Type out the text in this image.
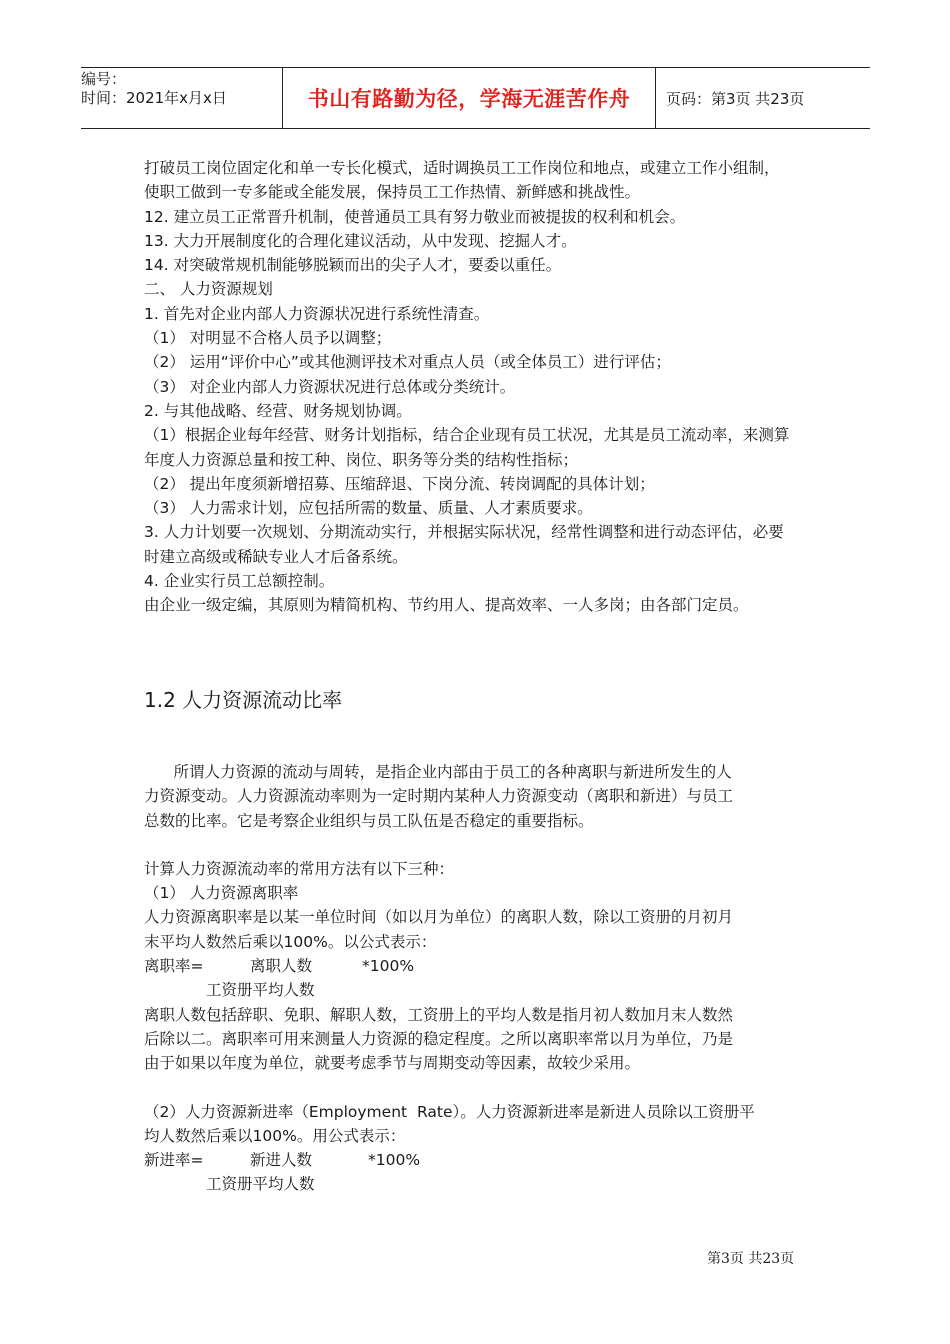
编号：
时间：2021年x月x日	书山有路勤为径，学海无涯苦作舟 页码：第3页 共23页

打破员工岗位固定化和单一专长化模式，适时调换员工工作岗位和地点，或建立工作小组制，

使职工做到一专多能或全能发展，保持员工工作热情、新鲜感和挑战性。

12. 建立员工正常晋升机制，使普通员工具有努力敬业而被提拔的权利和机会。

13. 大力开展制度化的合理化建议活动，从中发现、挖掘人才。

14. 对突破常规机制能够脱颖而出的尖子人才，要委以重任。

二、 人力资源规划

1. 首先对企业内部人力资源状况进行系统性清查。

（1） 对明显不合格人员予以调整；

（2） 运用“评价中心”或其他测评技术对重点人员（或全体员工）进行评估；

（3） 对企业内部人力资源状况进行总体或分类统计。

2. 与其他战略、经营、财务规划协调。

（1）根据企业每年经营、财务计划指标，结合企业现有员工状况，尤其是员工流动率，来测算

年度人力资源总量和按工种、岗位、职务等分类的结构性指标；

（2） 提出年度须新增招募、压缩辞退、下岗分流、转岗调配的具体计划；

（3） 人力需求计划，应包括所需的数量、质量、人才素质要求。

3. 人力计划要一次规划、分期流动实行，并根据实际状况，经常性调整和进行动态评估，必要

时建立高级或稀缺专业人才后备系统。

4. 企业实行员工总额控制。

由企业一级定编，其原则为精简机构、节约用人、提高效率、一人多岗；由各部门定员。

1.2 人力资源流动比率

所谓人力资源的流动与周转，是指企业内部由于员工的各种离职与新进所发生的人

力资源变动。人力资源流动率则为一定时期内某种人力资源变动（离职和新进）与员工

总数的比率。它是考察企业组织与员工队伍是否稳定的重要指标。

计算人力资源流动率的常用方法有以下三种：

（1） 人力资源离职率

人力资源离职率是以某一单位时间（如以月为单位）的离职人数，除以工资册的月初月

末平均人数然后乘以100%。以公式表示：

离职率=	离职人数	*100%
工资册平均人数

离职人数包括辞职、免职、解职人数，工资册上的平均人数是指月初人数加月末人数然

后除以二。离职率可用来测量人力资源的稳定程度。之所以离职率常以月为单位，乃是

由于如果以年度为单位，就要考虑季节与周期变动等因素，故较少采用。

（2）人力资源新进率（Employment  Rate）。人力资源新进率是新进人员除以工资册平

均人数然后乘以100%。用公式表示：

新进率=	新进人数	*100%
工资册平均人数
第3页 共23页
